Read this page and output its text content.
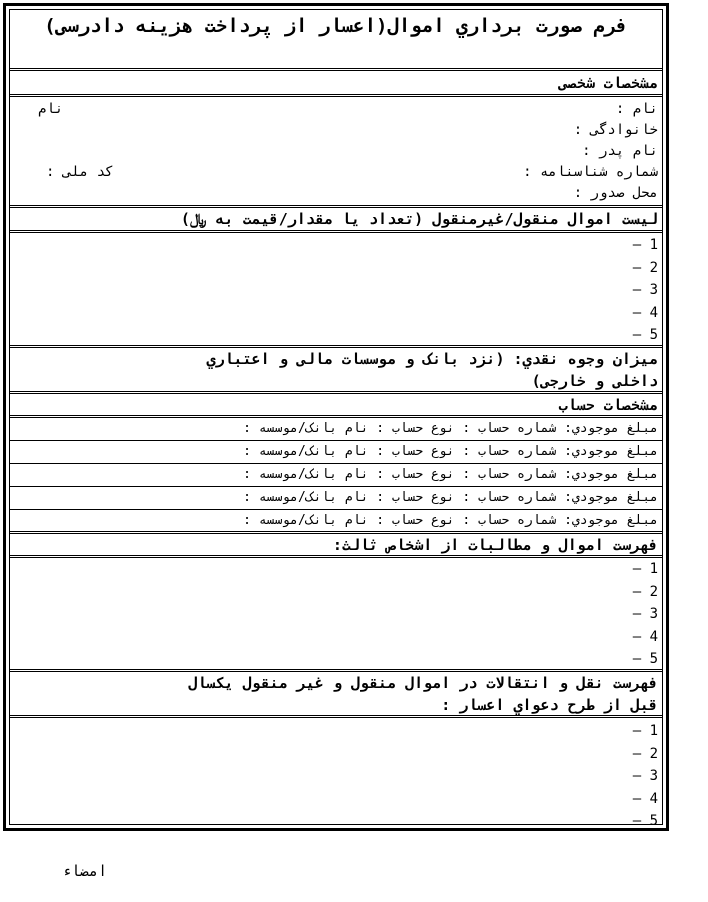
فرم صورت برداري اموال(اعسار از پرداخت هزينه دادرسی)
مشخصات شخصی
نام :
نام
خانوادگی :
نام پدر :
شماره شناسنامه :
کد ملی :
محل صدور :
لیست اموال منقول/غیرمنقول (تعداد یا مقدار/قیمت به ﷼)
1 –
2 –
3 –
4 –
5 –
میزان وجوه نقدي: (نزد بانک و موسسات مالی و اعتباري
داخلی و خارجی)
مشخصات حساب
مبلغ موجودي: شماره حساب : نوع حساب : نام بانک/موسسه :
مبلغ موجودي: شماره حساب : نوع حساب : نام بانک/موسسه :
مبلغ موجودي: شماره حساب : نوع حساب : نام بانک/موسسه :
مبلغ موجودي: شماره حساب : نوع حساب : نام بانک/موسسه :
مبلغ موجودي: شماره حساب : نوع حساب : نام بانک/موسسه :
فهرست اموال و مطالبات از اشخاص ثالث:
1 –
2 –
3 –
4 –
5 –
فهرست نقل و انتقالات در اموال منقول و غیر منقول یکسال
قبل از طرح دعواي اعسار :
1 –
2 –
3 –
4 –
5 –
امضاء
